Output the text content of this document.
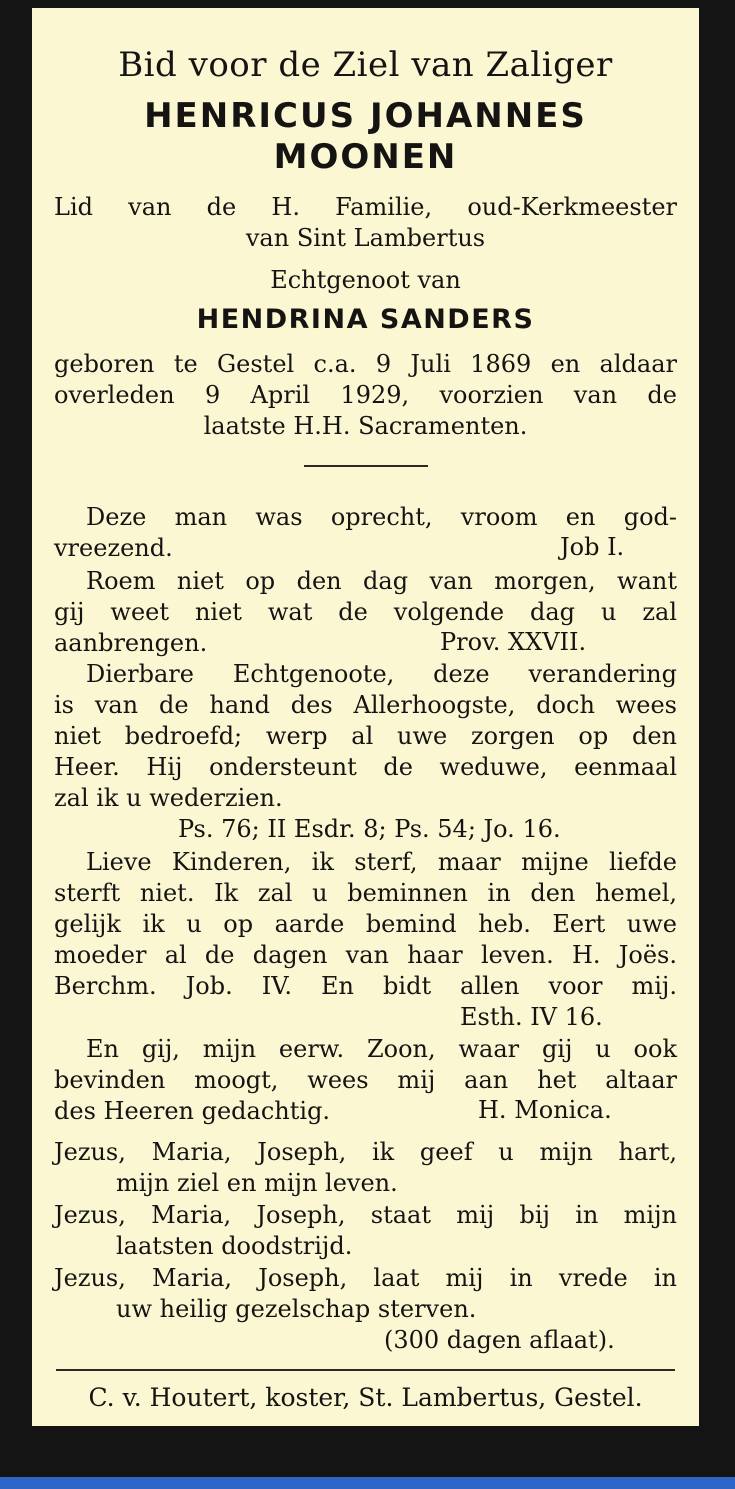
Bid voor de Ziel van Zaliger
HENRICUS JOHANNES
MOONEN
Lid van de H. Familie, oud-Kerkmeester
van Sint Lambertus
Echtgenoot van
HENDRINA SANDERS
geboren te Gestel c.a. 9 Juli 1869 en aldaar
overleden 9 April 1929, voorzien van de
laatste H.H. Sacramenten.
Deze man was oprecht, vroom en god-
vreezend.	Job I.
Roem niet op den dag van morgen, want
gij weet niet wat de volgende dag u zal
aanbrengen.	Prov. XXVII.
Dierbare Echtgenoote, deze verandering
is van de hand des Allerhoogste, doch wees
niet bedroefd; werp al uwe zorgen op den
Heer. Hij ondersteunt de weduwe, eenmaal
zal ik u wederzien.
Ps. 76; II Esdr. 8; Ps. 54; Jo. 16.
Lieve Kinderen, ik sterf, maar mijne liefde
sterft niet. Ik zal u beminnen in den hemel,
gelijk ik u op aarde bemind heb. Eert uwe
moeder al de dagen van haar leven. H. Joës.
Berchm. Job. IV. En bidt allen voor mij.
Esth. IV 16.
En gij, mijn eerw. Zoon, waar gij u ook
bevinden moogt, wees mij aan het altaar
des Heeren gedachtig.	H. Monica.
Jezus, Maria, Joseph, ik geef u mijn hart,
mijn ziel en mijn leven.
Jezus, Maria, Joseph, staat mij bij in mijn
laatsten doodstrijd.
Jezus, Maria, Joseph, laat mij in vrede in
uw heilig gezelschap sterven.
(300 dagen aflaat).
C. v. Houtert, koster, St. Lambertus, Gestel.
